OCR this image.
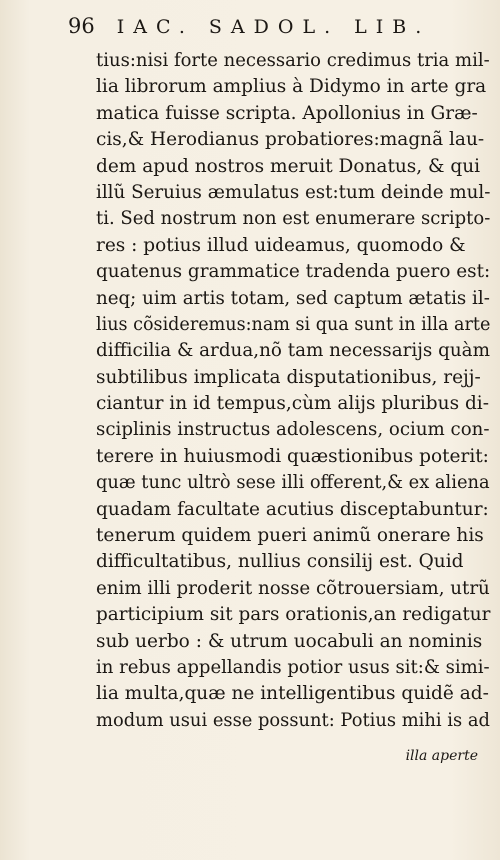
96 IAC. SADOL. LIB.
tius:nisi forte necessario credimus tria mil-
lia librorum amplius à Didymo in arte gra
matica fuisse scripta. Apollonius in Græ-
cis,& Herodianus probatiores:magnã lau-
dem apud nostros meruit Donatus, & qui
illũ Seruius æmulatus est:tum deinde mul-
ti. Sed nostrum non est enumerare scripto-
res : potius illud uideamus, quomodo &
quatenus grammatice tradenda puero est:
neq; uim artis totam, sed captum ætatis il-
lius cõsideremus:nam si qua sunt in illa arte
difficilia & ardua,nõ tam necessarijs quàm
subtilibus implicata disputationibus, rejj-
ciantur in id tempus,cùm alijs pluribus di-
sciplinis instructus adolescens, ocium con-
terere in huiusmodi quæstionibus poterit:
quæ tunc ultrò sese illi offerent,& ex aliena
quadam facultate acutius disceptabuntur:
tenerum quidem pueri animũ onerare his
difficultatibus, nullius consilij est. Quid
enim illi proderit nosse cõtrouersiam, utrũ
participium sit pars orationis,an redigatur
sub uerbo : & utrum uocabuli an nominis
in rebus appellandis potior usus sit:& simi-
lia multa,quæ ne intelligentibus quidẽ ad-
modum usui esse possunt: Potius mihi is ad
illa aperte
